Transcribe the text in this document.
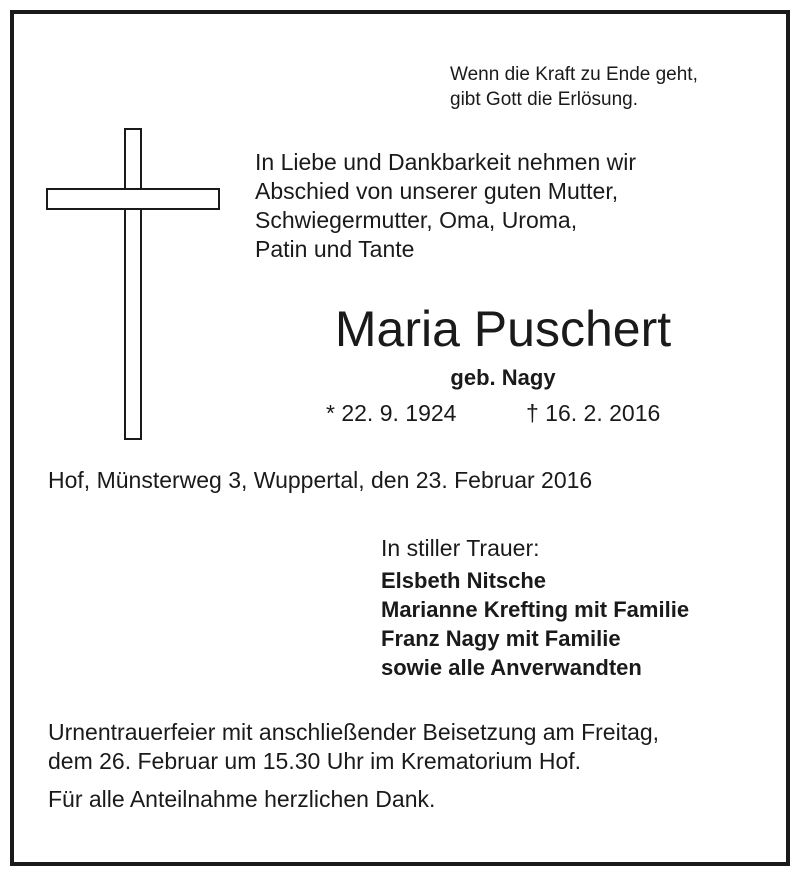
Wenn die Kraft zu Ende geht,
gibt Gott die Erlösung.
In Liebe und Dankbarkeit nehmen wir
Abschied von unserer guten Mutter,
Schwiegermutter, Oma, Uroma,
Patin und Tante
Maria Puschert
geb. Nagy
* 22. 9. 1924	† 16. 2. 2016
Hof, Münsterweg 3, Wuppertal, den 23. Februar 2016
In stiller Trauer:
Elsbeth Nitsche
Marianne Krefting mit Familie
Franz Nagy mit Familie
sowie alle Anverwandten
Urnentrauerfeier mit anschließender Beisetzung am Freitag,
dem 26. Februar um 15.30 Uhr im Krematorium Hof.
Für alle Anteilnahme herzlichen Dank.
